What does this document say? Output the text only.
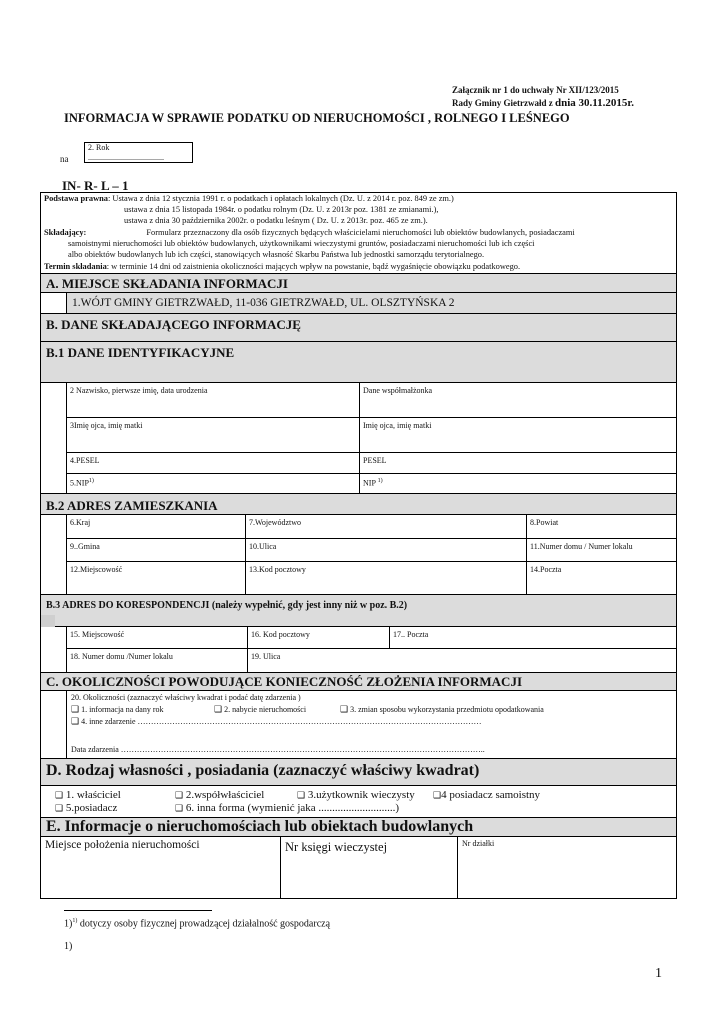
Załącznik nr 1 do uchwały Nr XII/123/2015
Rady Gminy Gietrzwałd z dnia 30.11.2015r.
INFORMACJA W SPRAWIE PODATKU OD NIERUCHOMOŚCI , ROLNEGO I LEŚNEGO
na
2. Rok
......................................
IN- R- L – 1
Podstawa prawna: Ustawa z dnia 12 stycznia 1991 r. o podatkach i opłatach lokalnych (Dz. U. z 2014 r. poz. 849 ze zm.)
ustawa z dnia 15 listopada 1984r. o podatku rolnym (Dz. U. z 2013r poz. 1381 ze zmianami.),
ustawa z dnia 30 października 2002r. o podatku leśnym ( Dz. U. z 2013r. poz. 465 ze zm.).
Składający:	Formularz przeznaczony dla osób fizycznych będących właścicielami nieruchomości lub obiektów budowlanych, posiadaczami
samoistnymi nieruchomości lub obiektów budowlanych, użytkownikami wieczystymi gruntów, posiadaczami nieruchomości lub ich części
albo obiektów budowlanych lub ich części, stanowiących własność Skarbu Państwa lub jednostki samorządu terytorialnego.
Termin składania: w terminie 14 dni od zaistnienia okoliczności mających wpływ na powstanie, bądź wygaśnięcie obowiązku podatkowego.
A. MIEJSCE SKŁADANIA INFORMACJI
1.WÓJT GMINY GIETRZWAŁD, 11-036 GIETRZWAŁD, UL. OLSZTYŃSKA 2
B. DANE SKŁADAJĄCEGO INFORMACJĘ
B.1 DANE IDENTYFIKACYJNE
2 Nazwisko, pierwsze imię, data urodzenia	Dane współmałżonka
3Imię ojca, imię matki	Imię ojca, imię matki
4.PESEL	PESEL
5.NIP$^{1)}$	NIP $^{1)}$
B.2 ADRES ZAMIESZKANIA
6.Kraj	7.Województwo	8.Powiat
9..Gmina	10.Ulica	11.Numer domu / Numer lokalu
12.Miejscowość	13.Kod pocztowy	14.Poczta
B.3 ADRES DO KORESPONDENCJI (należy wypełnić, gdy jest inny niż w poz. B.2)
15. Miejscowość	16. Kod pocztowy	17.. Poczta
18. Numer domu /Numer lokalu	19. Ulica
C. OKOLICZNOŚCI POWODUJĄCE KONIECZNOŚĆ ZŁOŻENIA INFORMACJI
20. Okoliczności (zaznaczyć właściwy kwadrat i podać datę zdarzenia )
❑ 1. informacja na dany rok	❑ 2. nabycie nieruchomości	❑ 3. zmian sposobu wykorzystania przedmiotu opodatkowania
❑ 4. inne zdarzenie …………………………………………………………………………………………………………………
Data zdarzenia ………………………………………………………………………………………………………………………..
D. Rodzaj własności , posiadania (zaznaczyć właściwy kwadrat)
❑ 1. właściciel	❑ 2.współwłaściciel	❑ 3.użytkownik wieczysty ❑4 posiadacz samoistny
❑ 5.posiadacz	❑ 6. inna forma (wymienić jaka ............................)
E. Informacje o nieruchomościach lub obiektach budowlanych
Miejsce położenia nieruchomości	Nr księgi wieczystej	Nr działki
1)$^{1)}$ dotyczy osoby fizycznej prowadzącej działalność gospodarczą
1)
1
